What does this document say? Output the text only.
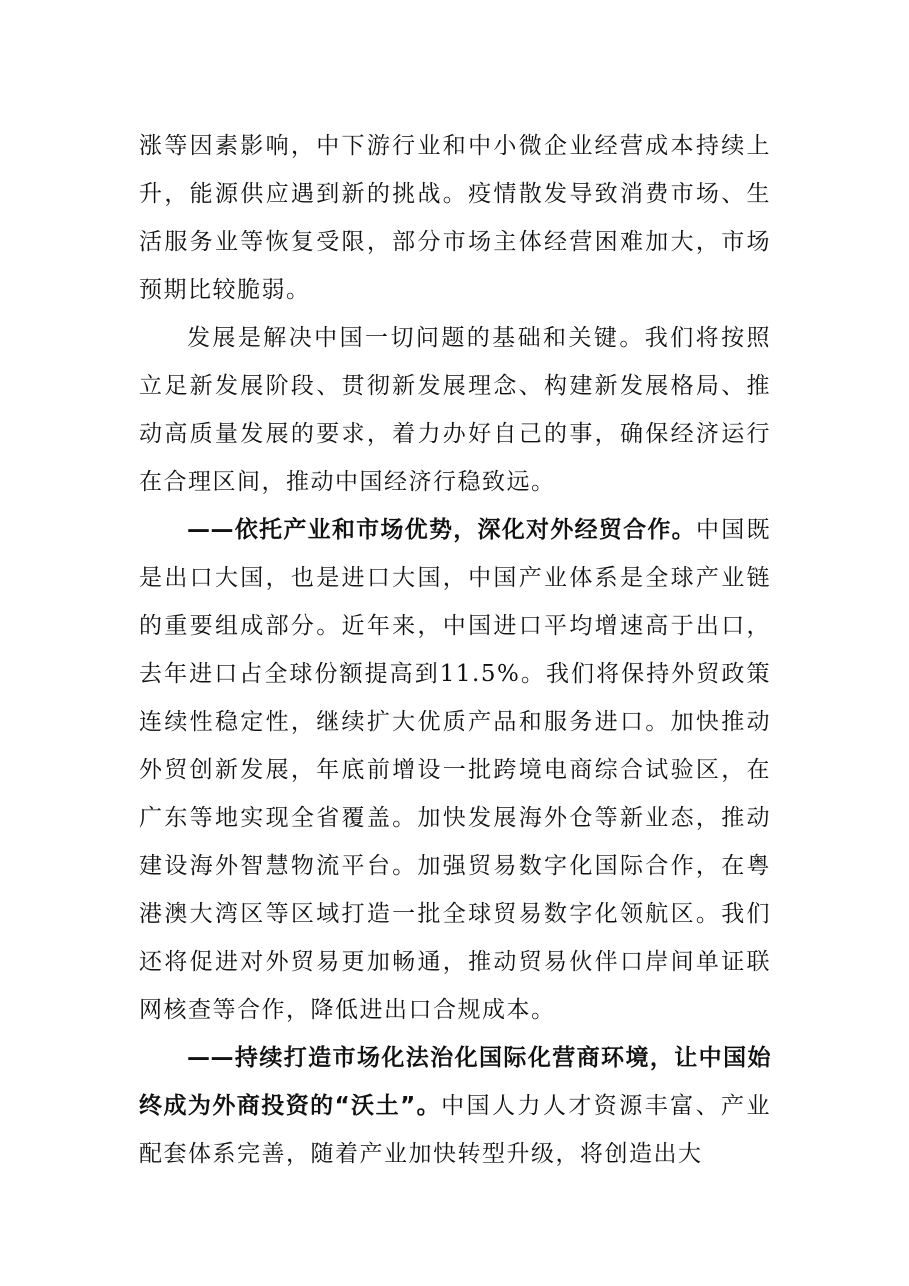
涨等因素影响，中下游行业和中小微企业经营成本持续上升，能源供应遇到新的挑战。疫情散发导致消费市场、生活服务业等恢复受限，部分市场主体经营困难加大，市场预期比较脆弱。

发展是解决中国一切问题的基础和关键。我们将按照立足新发展阶段、贯彻新发展理念、构建新发展格局、推动高质量发展的要求，着力办好自己的事，确保经济运行在合理区间，推动中国经济行稳致远。

——依托产业和市场优势，深化对外经贸合作。中国既是出口大国，也是进口大国，中国产业体系是全球产业链的重要组成部分。近年来，中国进口平均增速高于出口，去年进口占全球份额提高到11.5%。我们将保持外贸政策连续性稳定性，继续扩大优质产品和服务进口。加快推动外贸创新发展，年底前增设一批跨境电商综合试验区，在广东等地实现全省覆盖。加快发展海外仓等新业态，推动建设海外智慧物流平台。加强贸易数字化国际合作，在粤港澳大湾区等区域打造一批全球贸易数字化领航区。我们还将促进对外贸易更加畅通，推动贸易伙伴口岸间单证联网核查等合作，降低进出口合规成本。

——持续打造市场化法治化国际化营商环境，让中国始终成为外商投资的“沃土”。中国人力人才资源丰富、产业配套体系完善，随着产业加快转型升级，将创造出大
